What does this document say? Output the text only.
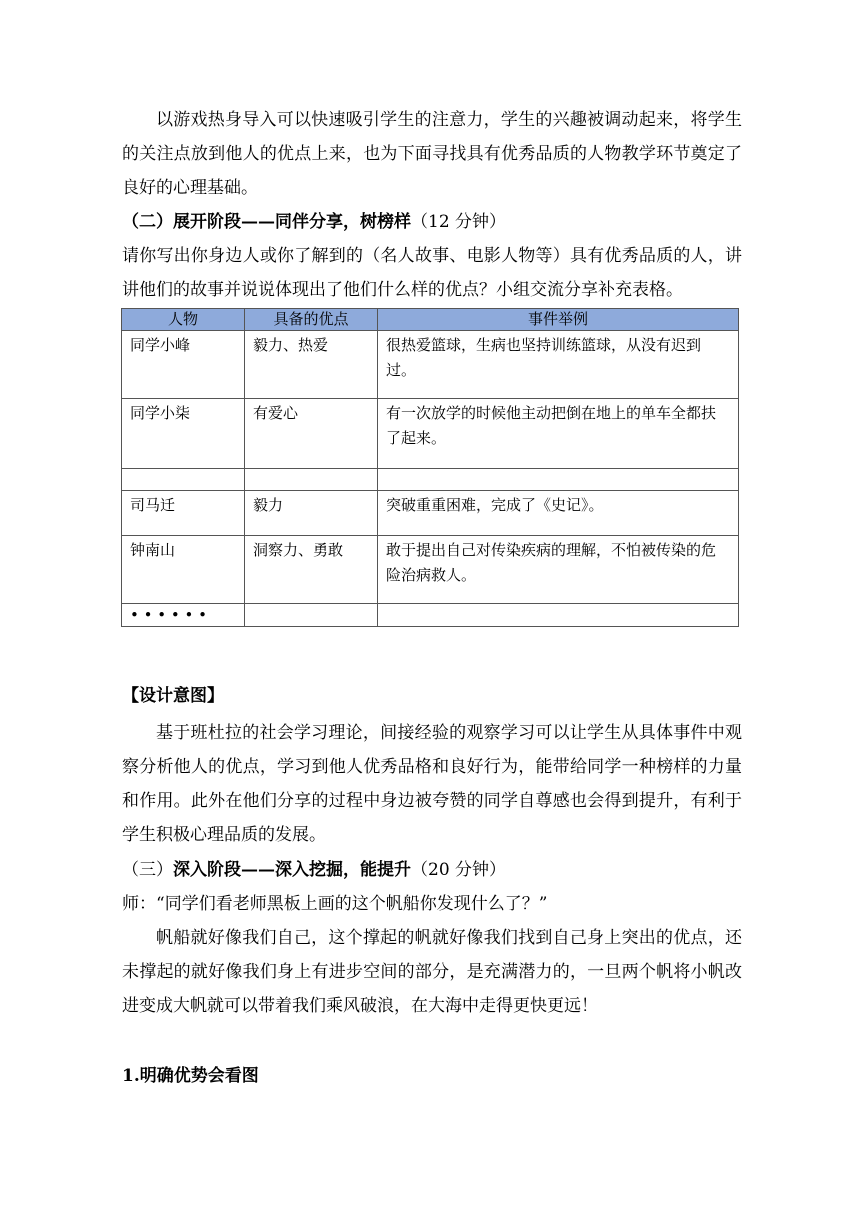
以游戏热身导入可以快速吸引学生的注意力，学生的兴趣被调动起来，将学生的关注点放到他人的优点上来，也为下面寻找具有优秀品质的人物教学环节奠定了良好的心理基础。

（二）展开阶段——同伴分享，树榜样（12 分钟）

请你写出你身边人或你了解到的（名人故事、电影人物等）具有优秀品质的人，讲讲他们的故事并说说体现出了他们什么样的优点？小组交流分享补充表格。

人物	具备的优点	事件举例
同学小峰	毅力、热爱	很热爱篮球，生病也坚持训练篮球，从没有迟到过。
同学小柒	有爱心	有一次放学的时候他主动把倒在地上的单车全都扶了起来。

司马迁	毅力	突破重重困难，完成了《史记》。
钟南山	洞察力、勇敢	敢于提出自己对传染疾病的理解，不怕被传染的危险治病救人。
• • • • • •		

【设计意图】

基于班杜拉的社会学习理论，间接经验的观察学习可以让学生从具体事件中观察分析他人的优点，学习到他人优秀品格和良好行为，能带给同学一种榜样的力量和作用。此外在他们分享的过程中身边被夸赞的同学自尊感也会得到提升，有利于学生积极心理品质的发展。

（三）深入阶段——深入挖掘，能提升（20 分钟）

师：“同学们看老师黑板上画的这个帆船你发现什么了？”

帆船就好像我们自己，这个撑起的帆就好像我们找到自己身上突出的优点，还未撑起的就好像我们身上有进步空间的部分，是充满潜力的，一旦两个帆将小帆改进变成大帆就可以带着我们乘风破浪，在大海中走得更快更远！

1.明确优势会看图
